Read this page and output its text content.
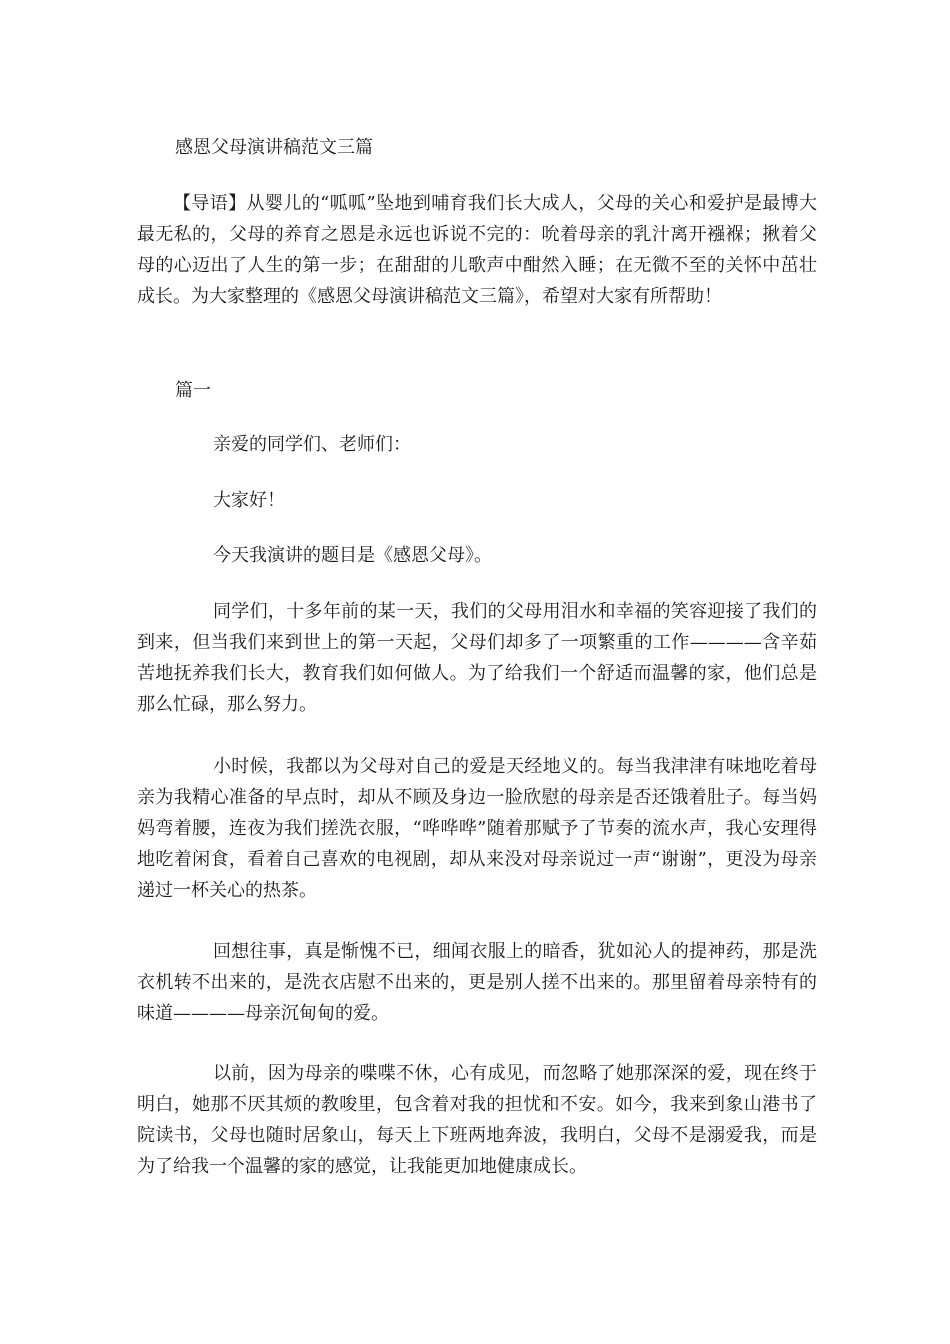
感恩父母演讲稿范文三篇
【导语】从婴儿的“呱呱”坠地到哺育我们长大成人，父母的关心和爱护是最博大最无私的，父母的养育之恩是永远也诉说不完的：吮着母亲的乳汁离开襁褓；揪着父母的心迈出了人生的第一步；在甜甜的儿歌声中酣然入睡；在无微不至的关怀中茁壮成长。为大家整理的《感恩父母演讲稿范文三篇》，希望对大家有所帮助！
篇一
亲爱的同学们、老师们：
大家好！
今天我演讲的题目是《感恩父母》。
同学们，十多年前的某一天，我们的父母用泪水和幸福的笑容迎接了我们的到来，但当我们来到世上的第一天起，父母们却多了一项繁重的工作————含辛茹苦地抚养我们长大，教育我们如何做人。为了给我们一个舒适而温馨的家，他们总是那么忙碌，那么努力。
小时候，我都以为父母对自己的爱是天经地义的。每当我津津有味地吃着母亲为我精心准备的早点时，却从不顾及身边一脸欣慰的母亲是否还饿着肚子。每当妈妈弯着腰，连夜为我们搓洗衣服，“哗哗哗”随着那赋予了节奏的流水声，我心安理得地吃着闲食，看着自己喜欢的电视剧，却从来没对母亲说过一声“谢谢”，更没为母亲递过一杯关心的热茶。
回想往事，真是惭愧不已，细闻衣服上的暗香，犹如沁人的提神药，那是洗衣机转不出来的，是洗衣店慰不出来的，更是别人搓不出来的。那里留着母亲特有的味道————母亲沉甸甸的爱。
以前，因为母亲的喋喋不休，心有成见，而忽略了她那深深的爱，现在终于明白，她那不厌其烦的教唆里，包含着对我的担忧和不安。如今，我来到象山港书了院读书，父母也随时居象山，每天上下班两地奔波，我明白，父母不是溺爱我，而是为了给我一个温馨的家的感觉，让我能更加地健康成长。
